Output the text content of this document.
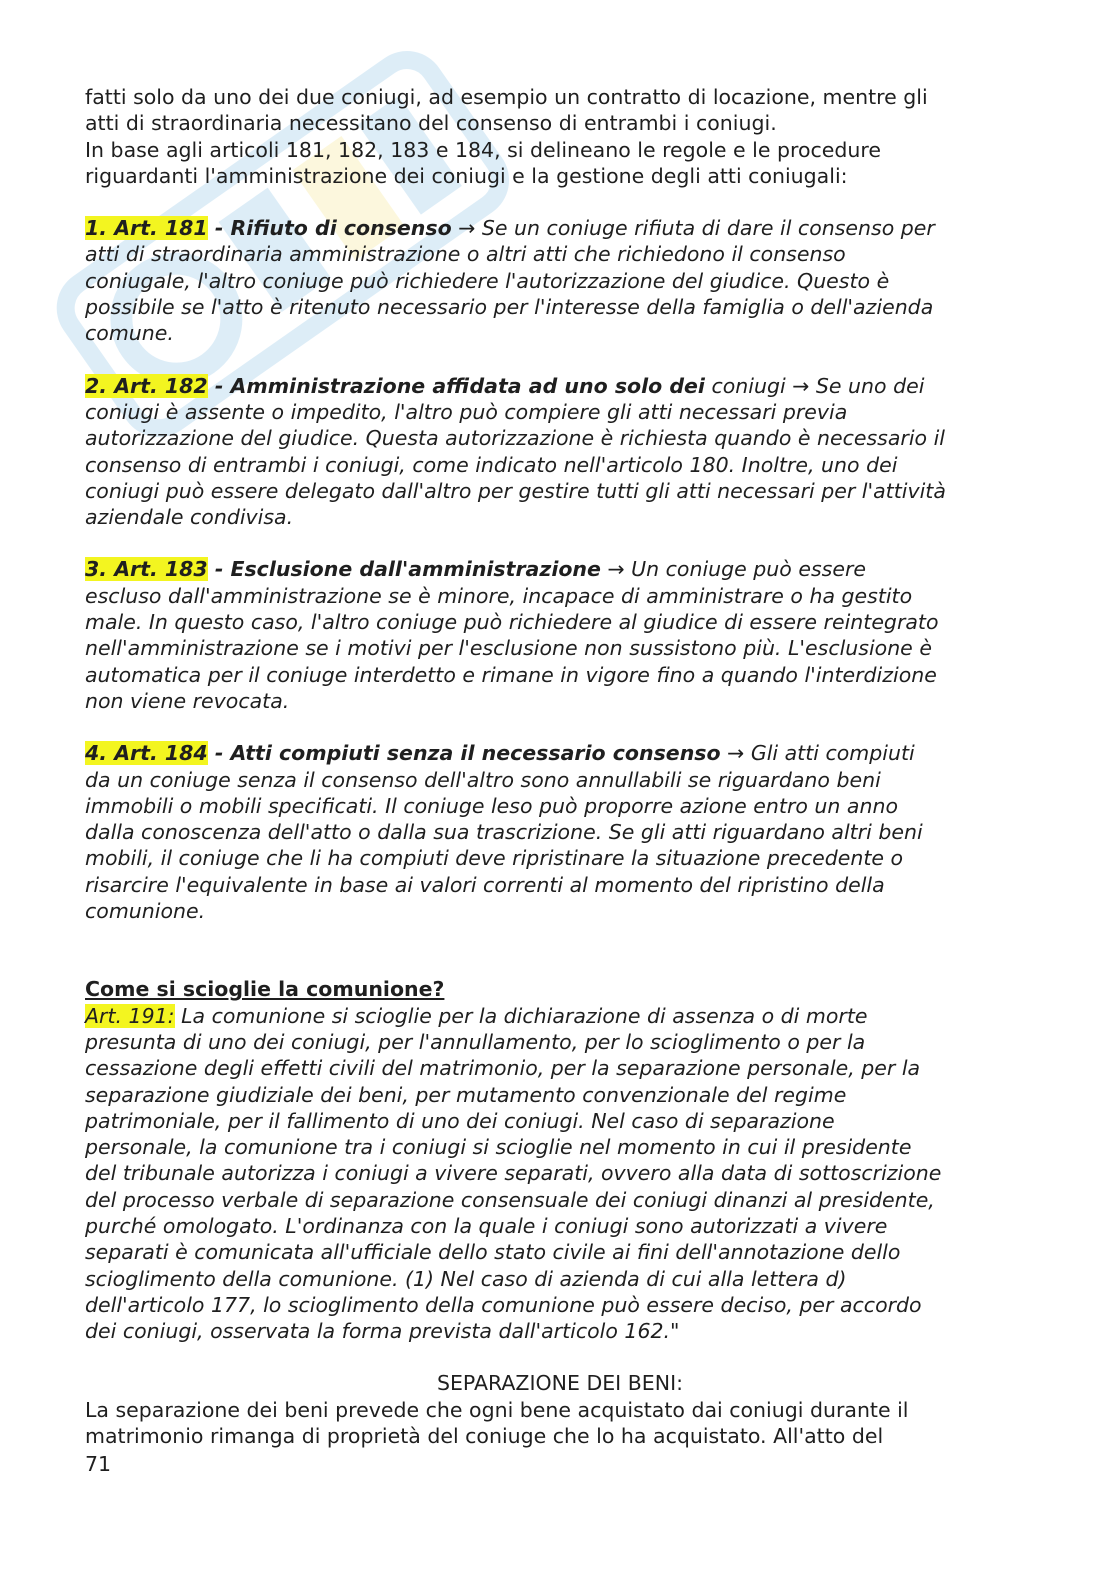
fatti solo da uno dei due coniugi, ad esempio un contratto di locazione, mentre gli

atti di straordinaria necessitano del consenso di entrambi i coniugi.

In base agli articoli 181, 182, 183 e 184, si delineano le regole e le procedure

riguardanti l'amministrazione dei coniugi e la gestione degli atti coniugali:

1. Art. 181 - Rifiuto di consenso → Se un coniuge rifiuta di dare il consenso per

atti di straordinaria amministrazione o altri atti che richiedono il consenso

coniugale, l'altro coniuge può richiedere l'autorizzazione del giudice. Questo è

possibile se l'atto è ritenuto necessario per l'interesse della famiglia o dell'azienda

comune.

2. Art. 182 - Amministrazione affidata ad uno solo dei coniugi → Se uno dei

coniugi è assente o impedito, l'altro può compiere gli atti necessari previa

autorizzazione del giudice. Questa autorizzazione è richiesta quando è necessario il

consenso di entrambi i coniugi, come indicato nell'articolo 180. Inoltre, uno dei

coniugi può essere delegato dall'altro per gestire tutti gli atti necessari per l'attività

aziendale condivisa.

3. Art. 183 - Esclusione dall'amministrazione → Un coniuge può essere

escluso dall'amministrazione se è minore, incapace di amministrare o ha gestito

male. In questo caso, l'altro coniuge può richiedere al giudice di essere reintegrato

nell'amministrazione se i motivi per l'esclusione non sussistono più. L'esclusione è

automatica per il coniuge interdetto e rimane in vigore fino a quando l'interdizione

non viene revocata.

4. Art. 184 - Atti compiuti senza il necessario consenso → Gli atti compiuti

da un coniuge senza il consenso dell'altro sono annullabili se riguardano beni

immobili o mobili specificati. Il coniuge leso può proporre azione entro un anno

dalla conoscenza dell'atto o dalla sua trascrizione. Se gli atti riguardano altri beni

mobili, il coniuge che li ha compiuti deve ripristinare la situazione precedente o

risarcire l'equivalente in base ai valori correnti al momento del ripristino della

comunione.

Come si scioglie la comunione?

Art. 191: La comunione si scioglie per la dichiarazione di assenza o di morte

presunta di uno dei coniugi, per l'annullamento, per lo scioglimento o per la

cessazione degli effetti civili del matrimonio, per la separazione personale, per la

separazione giudiziale dei beni, per mutamento convenzionale del regime

patrimoniale, per il fallimento di uno dei coniugi. Nel caso di separazione

personale, la comunione tra i coniugi si scioglie nel momento in cui il presidente

del tribunale autorizza i coniugi a vivere separati, ovvero alla data di sottoscrizione

del processo verbale di separazione consensuale dei coniugi dinanzi al presidente,

purché omologato. L'ordinanza con la quale i coniugi sono autorizzati a vivere

separati è comunicata all'ufficiale dello stato civile ai fini dell'annotazione dello

scioglimento della comunione. (1) Nel caso di azienda di cui alla lettera d)

dell'articolo 177, lo scioglimento della comunione può essere deciso, per accordo

dei coniugi, osservata la forma prevista dall'articolo 162."

SEPARAZIONE DEI BENI:

La separazione dei beni prevede che ogni bene acquistato dai coniugi durante il

matrimonio rimanga di proprietà del coniuge che lo ha acquistato. All'atto del

71
